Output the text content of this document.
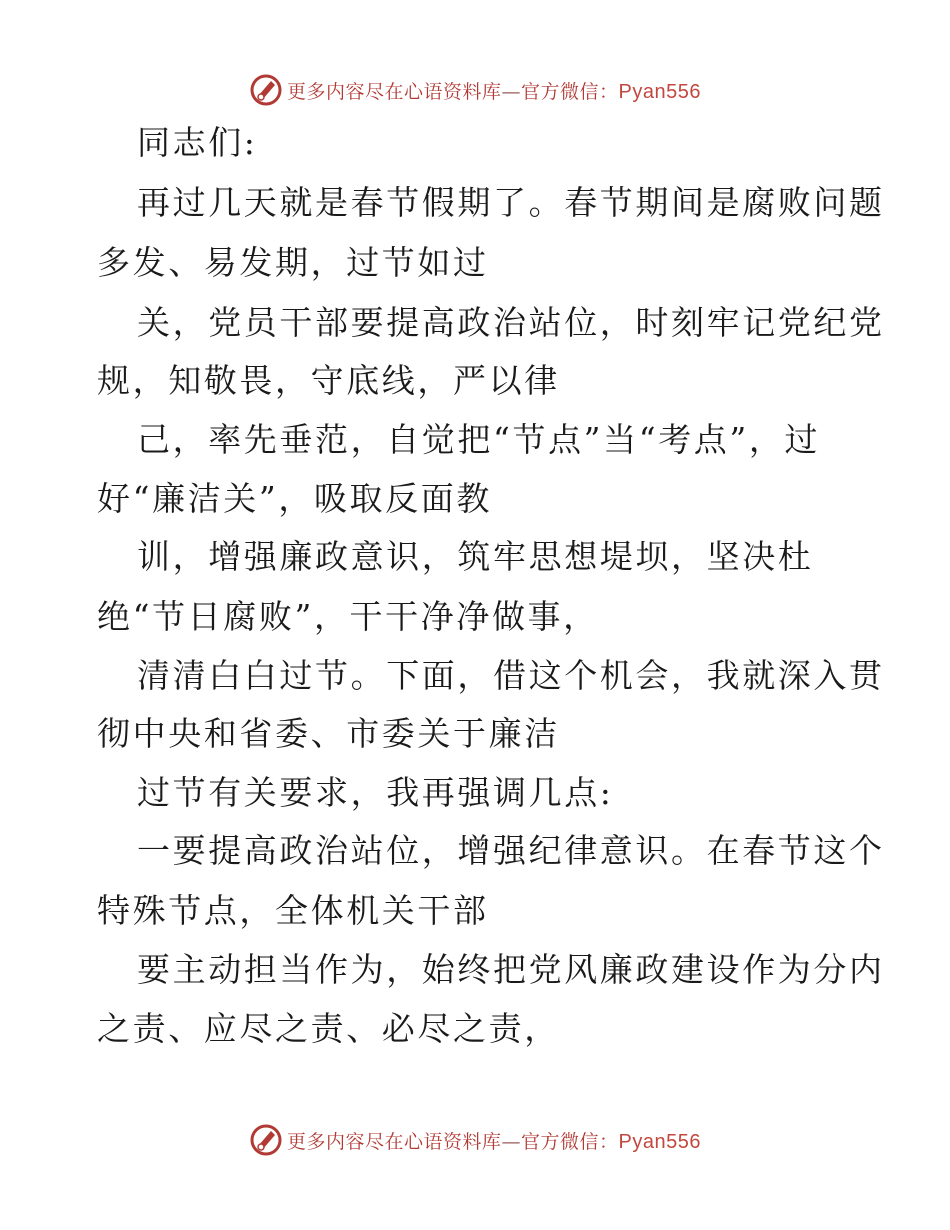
更多内容尽在心语资料库—官方微信：Pyan556
同志们:
再过几天就是春节假期了。春节期间是腐败问题
多发、易发期，过节如过
关，党员干部要提高政治站位，时刻牢记党纪党
规，知敬畏，守底线，严以律
己，率先垂范，自觉把“节点”当“考点”，过
好“廉洁关”，吸取反面教
训，增强廉政意识，筑牢思想堤坝，坚决杜
绝“节日腐败”，干干净净做事，
清清白白过节。下面，借这个机会，我就深入贯
彻中央和省委、市委关于廉洁
过节有关要求，我再强调几点:
一要提高政治站位，增强纪律意识。在春节这个
特殊节点，全体机关干部
要主动担当作为，始终把党风廉政建设作为分内
之责、应尽之责、必尽之责，
更多内容尽在心语资料库—官方微信：Pyan556
